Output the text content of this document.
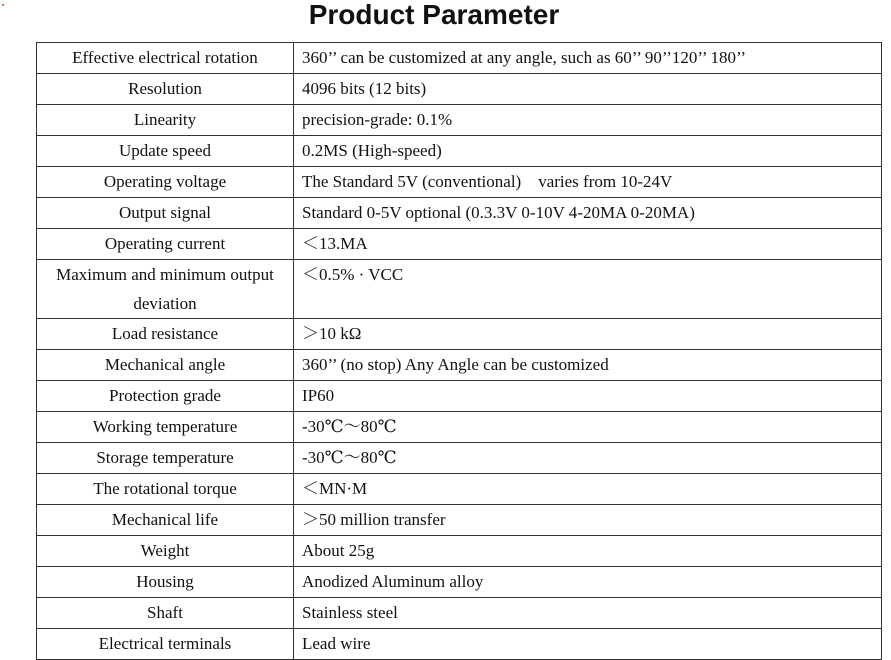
Product Parameter
Effective electrical rotation	360’’ can be customized at any angle, such as 60’’ 90’’120’’ 180’’
Resolution	4096 bits (12 bits)
Linearity	precision-grade: 0.1%
Update speed	0.2MS (High-speed)
Operating voltage	The Standard 5V (conventional)    varies from 10-24V
Output signal	Standard 0-5V optional (0.3.3V 0-10V 4-20MA 0-20MA)
Operating current	＜13.MA
Maximum and minimum output deviation	＜0.5% · VCC
Load resistance	＞10 kΩ
Mechanical angle	360’’ (no stop) Any Angle can be customized
Protection grade	IP60
Working temperature	-30℃～80℃
Storage temperature	-30℃～80℃
The rotational torque	＜MN·M
Mechanical life	＞50 million transfer
Weight	About 25g
Housing	Anodized Aluminum alloy
Shaft	Stainless steel
Electrical terminals	Lead wire
